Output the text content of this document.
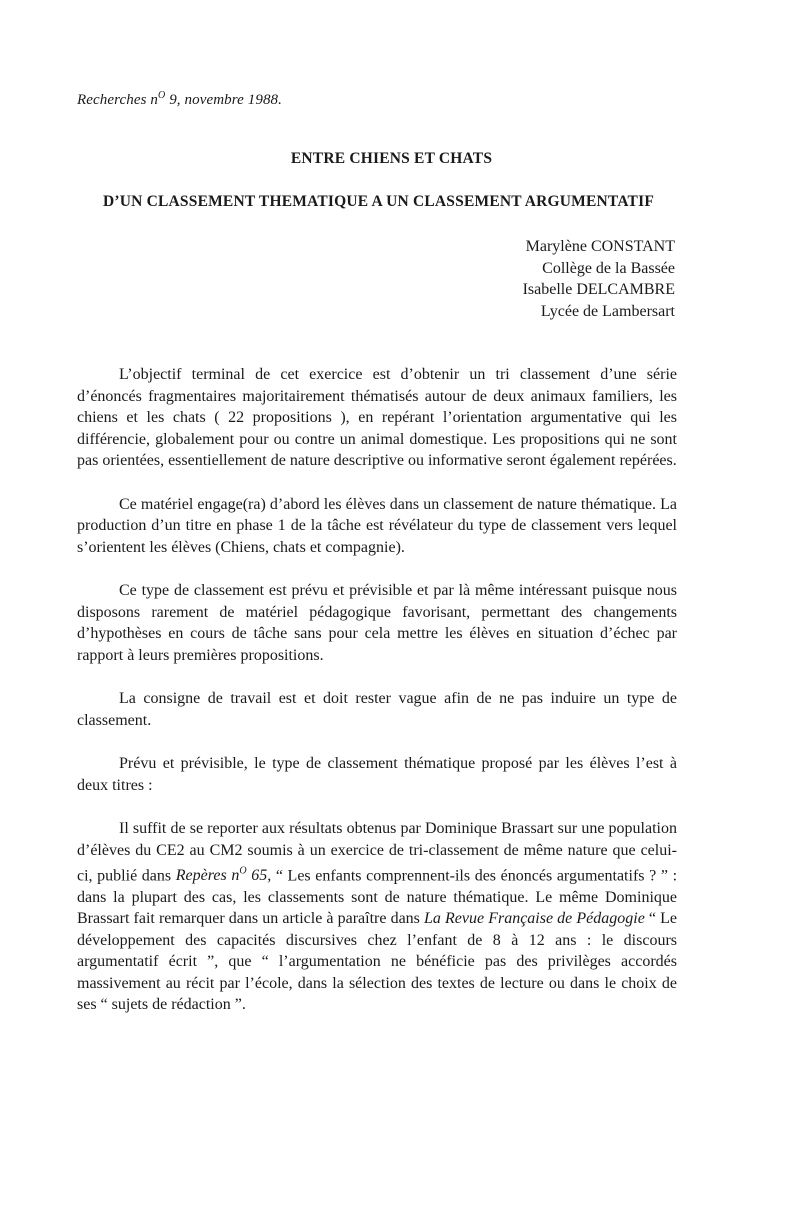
Recherches $n^O$ 9, novembre 1988.
ENTRE CHIENS ET CHATS
D’UN CLASSEMENT THEMATIQUE A UN CLASSEMENT ARGUMENTATIF
Marylène CONSTANT
Collège de la Bassée
Isabelle DELCAMBRE
Lycée de Lambersart

L’objectif terminal de cet exercice est d’obtenir un tri classement d’une série d’énoncés fragmentaires majoritairement thématisés autour de deux animaux familiers, les chiens et les chats ( 22 propositions ), en repérant l’orientation argumentative qui les différencie, globalement pour ou contre un animal domestique. Les propositions qui ne sont pas orientées, essentiellement de nature descriptive ou informative seront également repérées.

Ce matériel engage(ra) d’abord les élèves dans un classement de nature thématique. La production d’un titre en phase 1 de la tâche est révélateur du type de classement vers lequel s’orientent les élèves (Chiens, chats et compagnie).

Ce type de classement est prévu et prévisible et par là même intéressant puisque nous disposons rarement de matériel pédagogique favorisant, permettant des changements d’hypothèses en cours de tâche sans pour cela mettre les élèves en situation d’échec par rapport à leurs premières propositions.

La consigne de travail est et doit rester vague afin de ne pas induire un type de classement.

Prévu et prévisible, le type de classement thématique proposé par les élèves l’est à deux titres :

Il suffit de se reporter aux résultats obtenus par Dominique Brassart sur une population d’élèves du CE2 au CM2 soumis à un exercice de tri-classement de même nature que celui-ci, publié dans Repères $n^O$ 65, “ Les enfants comprennent-ils des énoncés argumentatifs ? ” : dans la plupart des cas, les classements sont de nature thématique. Le même Dominique Brassart fait remarquer dans un article à paraître dans La Revue Française de Pédagogie “ Le développement des capacités discursives chez l’enfant de 8 à 12 ans : le discours argumentatif écrit ”, que “ l’argumentation ne bénéficie pas des privilèges accordés massivement au récit par l’école, dans la sélection des textes de lecture ou dans le choix de ses “ sujets de rédaction ”.
